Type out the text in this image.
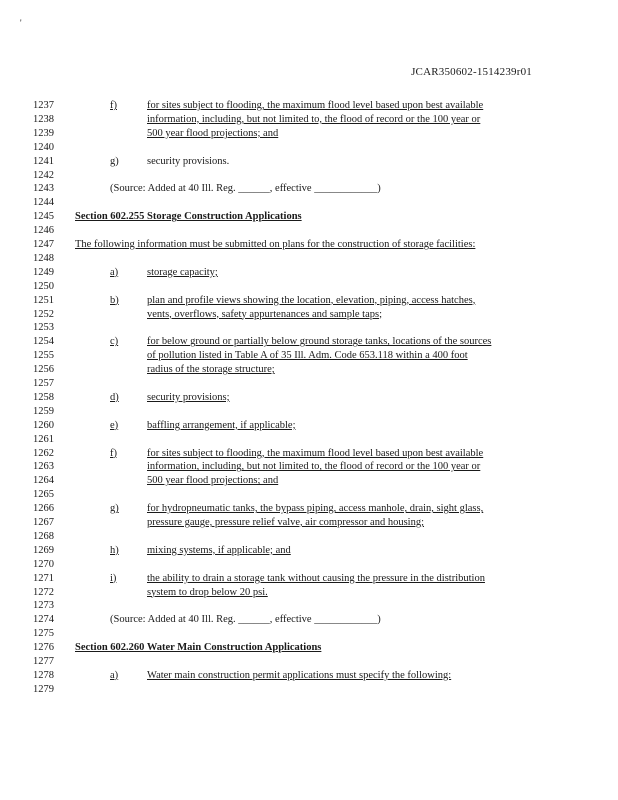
'
JCAR350602-1514239r01
1237
1238
1239
1240
1241
1242
1243
1244
1245
1246
1247
1248
1249
1250
1251
1252
1253
1254
1255
1256
1257
1258
1259
1260
1261
1262
1263
1264
1265
1266
1267
1268
1269
1270
1271
1272
1273
1274
1275
1276
1277
1278
1279
f)	for sites subject to flooding, the maximum flood level based upon best available
information, including, but not limited to, the flood of record or the 100 year or
500 year flood projections; and
g)	security provisions.
(Source: Added at 40 Ill. Reg. ______, effective ____________)
Section 602.255 Storage Construction Applications
The following information must be submitted on plans for the construction of storage facilities:
a)	storage capacity;
b)	plan and profile views showing the location, elevation, piping, access hatches,
vents, overflows, safety appurtenances and sample taps;
c)	for below ground or partially below ground storage tanks, locations of the sources
of pollution listed in Table A of 35 Ill. Adm. Code 653.118 within a 400 foot
radius of the storage structure;
d)	security provisions;
e)	baffling arrangement, if applicable;
f)	for sites subject to flooding, the maximum flood level based upon best available
information, including, but not limited to, the flood of record or the 100 year or
500 year flood projections; and
g)	for hydropneumatic tanks, the bypass piping, access manhole, drain, sight glass,
pressure gauge, pressure relief valve, air compressor and housing;
h)	mixing systems, if applicable; and
i)	the ability to drain a storage tank without causing the pressure in the distribution
system to drop below 20 psi.
(Source: Added at 40 Ill. Reg. ______, effective ____________)
Section 602.260 Water Main Construction Applications
a)	Water main construction permit applications must specify the following:
